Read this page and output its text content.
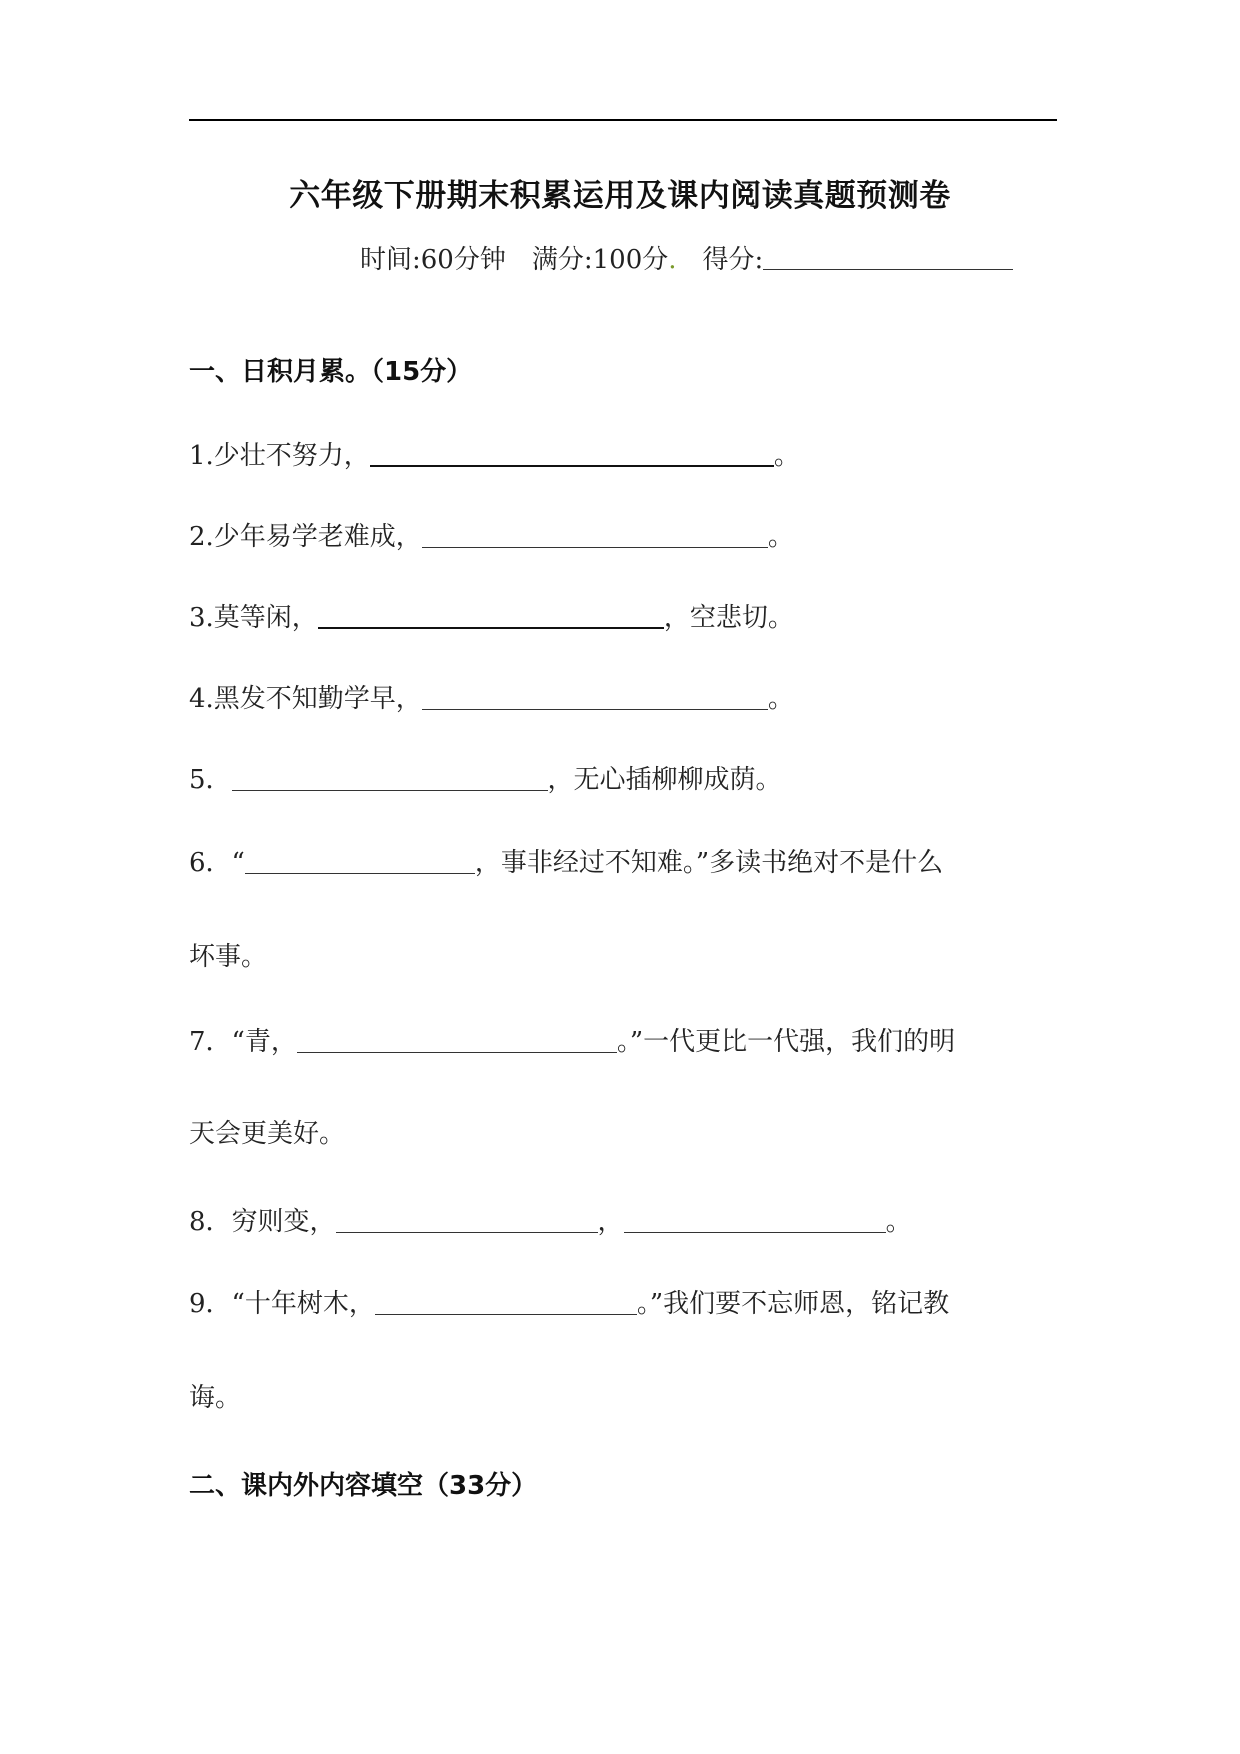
六年级下册期末积累运用及课内阅读真题预测卷
时间:60分钟 满分:100分. 得分:
一、日积月累。（15分）
1.少壮不努力，	。
2.少年易学老难成，	。
3.莫等闲，	，空悲切。
4.黑发不知勤学早，	。
5．	，无心插柳柳成荫。
6．“	，事非经过不知难。”多读书绝对不是什么
坏事。
7．“青，	。”一代更比一代强，我们的明
天会更美好。
8．穷则变，	，	。
9．“十年树木，	。”我们要不忘师恩，铭记教
诲。
二、课内外内容填空（33分）
